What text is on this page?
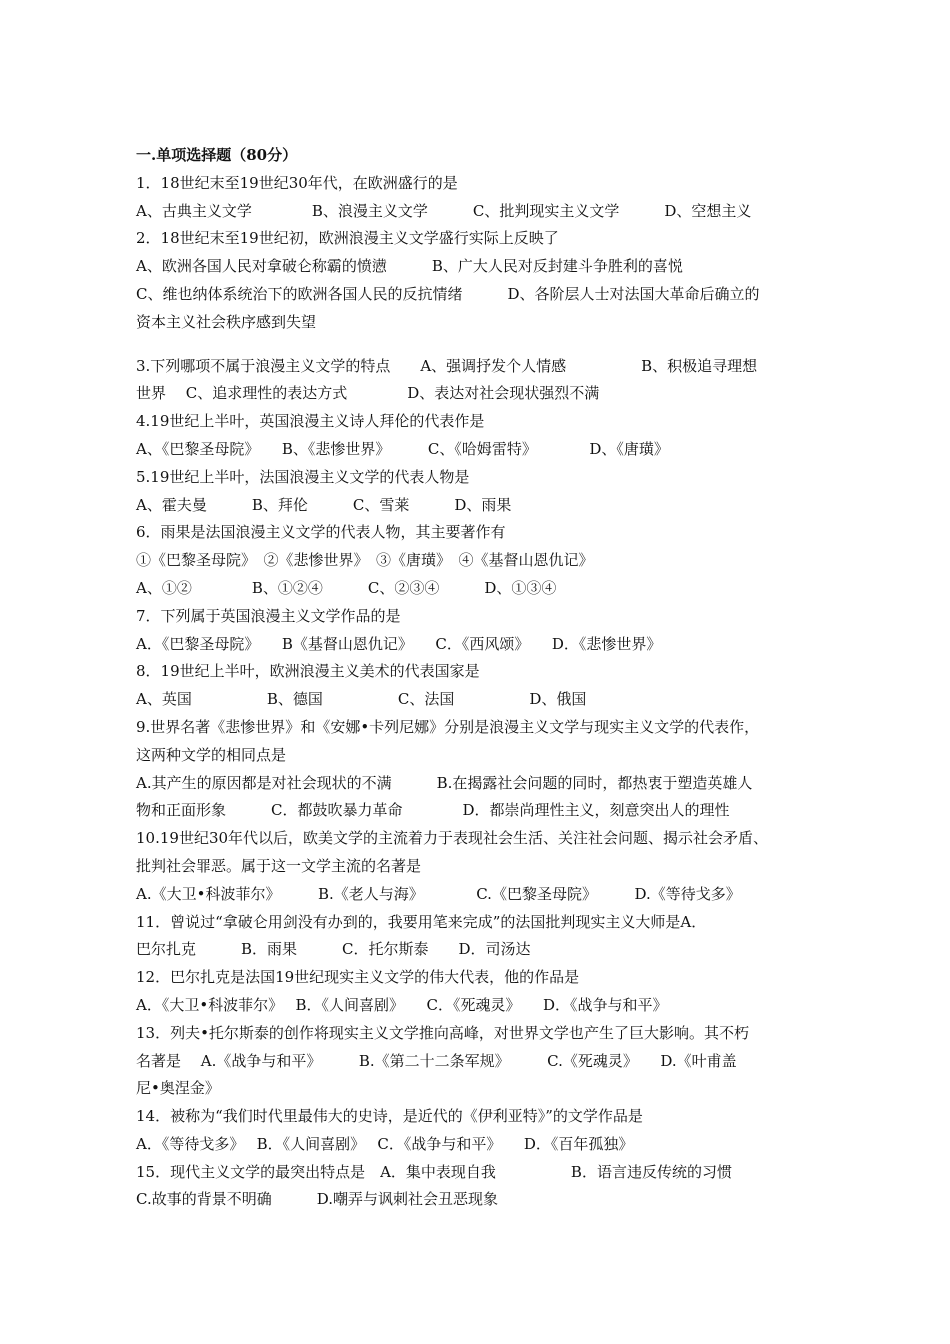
一.单项选择题（80分）
1．18世纪末至19世纪30年代，在欧洲盛行的是
A、古典主义文学　　　　B、浪漫主义文学　　　C、批判现实主义文学　　　D、空想主义
2．18世纪末至19世纪初，欧洲浪漫主义文学盛行实际上反映了
A、欧洲各国人民对拿破仑称霸的愤懑　　　B、广大人民对反封建斗争胜利的喜悦
C、维也纳体系统治下的欧洲各国人民的反抗情绪　　　D、各阶层人士对法国大革命后确立的
资本主义社会秩序感到失望
3.下列哪项不属于浪漫主义文学的特点　　A、强调抒发个人情感　　　　　B、积极追寻理想
世界　 C、追求理性的表达方式　　　　D、表达对社会现状强烈不满
4.19世纪上半叶，英国浪漫主义诗人拜伦的代表作是
A、《巴黎圣母院》　　B、《悲惨世界》　　　C、《哈姆雷特》　　　　D、《唐璜》
5.19世纪上半叶，法国浪漫主义文学的代表人物是
A、霍夫曼　　　B、拜伦　　　C、雪莱　　　D、雨果
6．雨果是法国浪漫主义文学的代表人物，其主要著作有
①《巴黎圣母院》　②《悲惨世界》　③《唐璜》　④《基督山恩仇记》
A、①②　　　　B、①②④　　　C、②③④　　　D、①③④
7．下列属于英国浪漫主义文学作品的是
A．《巴黎圣母院》　　B《基督山恩仇记》　　C．《西风颂》　　D．《悲惨世界》
8．19世纪上半叶，欧洲浪漫主义美术的代表国家是
A、英国　　　　　B、德国　　　　　C、法国　　　　　D、俄国
9.世界名著《悲惨世界》和《安娜•卡列尼娜》分别是浪漫主义文学与现实主义文学的代表作，
这两种文学的相同点是
A.其产生的原因都是对社会现状的不满　　　B.在揭露社会问题的同时，都热衷于塑造英雄人
物和正面形象　　　C．都鼓吹暴力革命　　　　D．都崇尚理性主义，刻意突出人的理性
10.19世纪30年代以后，欧美文学的主流着力于表现社会生活、关注社会问题、揭示社会矛盾、
批判社会罪恶。属于这一文学主流的名著是
A.《大卫•科波菲尔》　　　B.《老人与海》　　　　C.《巴黎圣母院》　　　D.《等待戈多》
11．曾说过“拿破仑用剑没有办到的，我要用笔来完成”的法国批判现实主义大师是A．
巴尔扎克　　　B．雨果　　　C．托尔斯泰　　D．司汤达
12．巴尔扎克是法国19世纪现实主义文学的伟大代表，他的作品是
A．《大卫•科波菲尔》　 B．《人间喜剧》　　C．《死魂灵》　　D．《战争与和平》
13．列夫•托尔斯泰的创作将现实主义文学推向高峰，对世界文学也产生了巨大影响。其不朽
名著是　 A.《战争与和平》　　　B.《第二十二条军规》　　　C.《死魂灵》　　D.《叶甫盖
尼•奥涅金》
14．被称为“我们时代里最伟大的史诗，是近代的《伊利亚特》”的文学作品是
A．《等待戈多》　 B．《人间喜剧》　 C．《战争与和平》　　D．《百年孤独》
15．现代主义文学的最突出特点是　A．集中表现自我　　　　　B．语言违反传统的习惯
C.故事的背景不明确　　　D.嘲弄与讽刺社会丑恶现象
